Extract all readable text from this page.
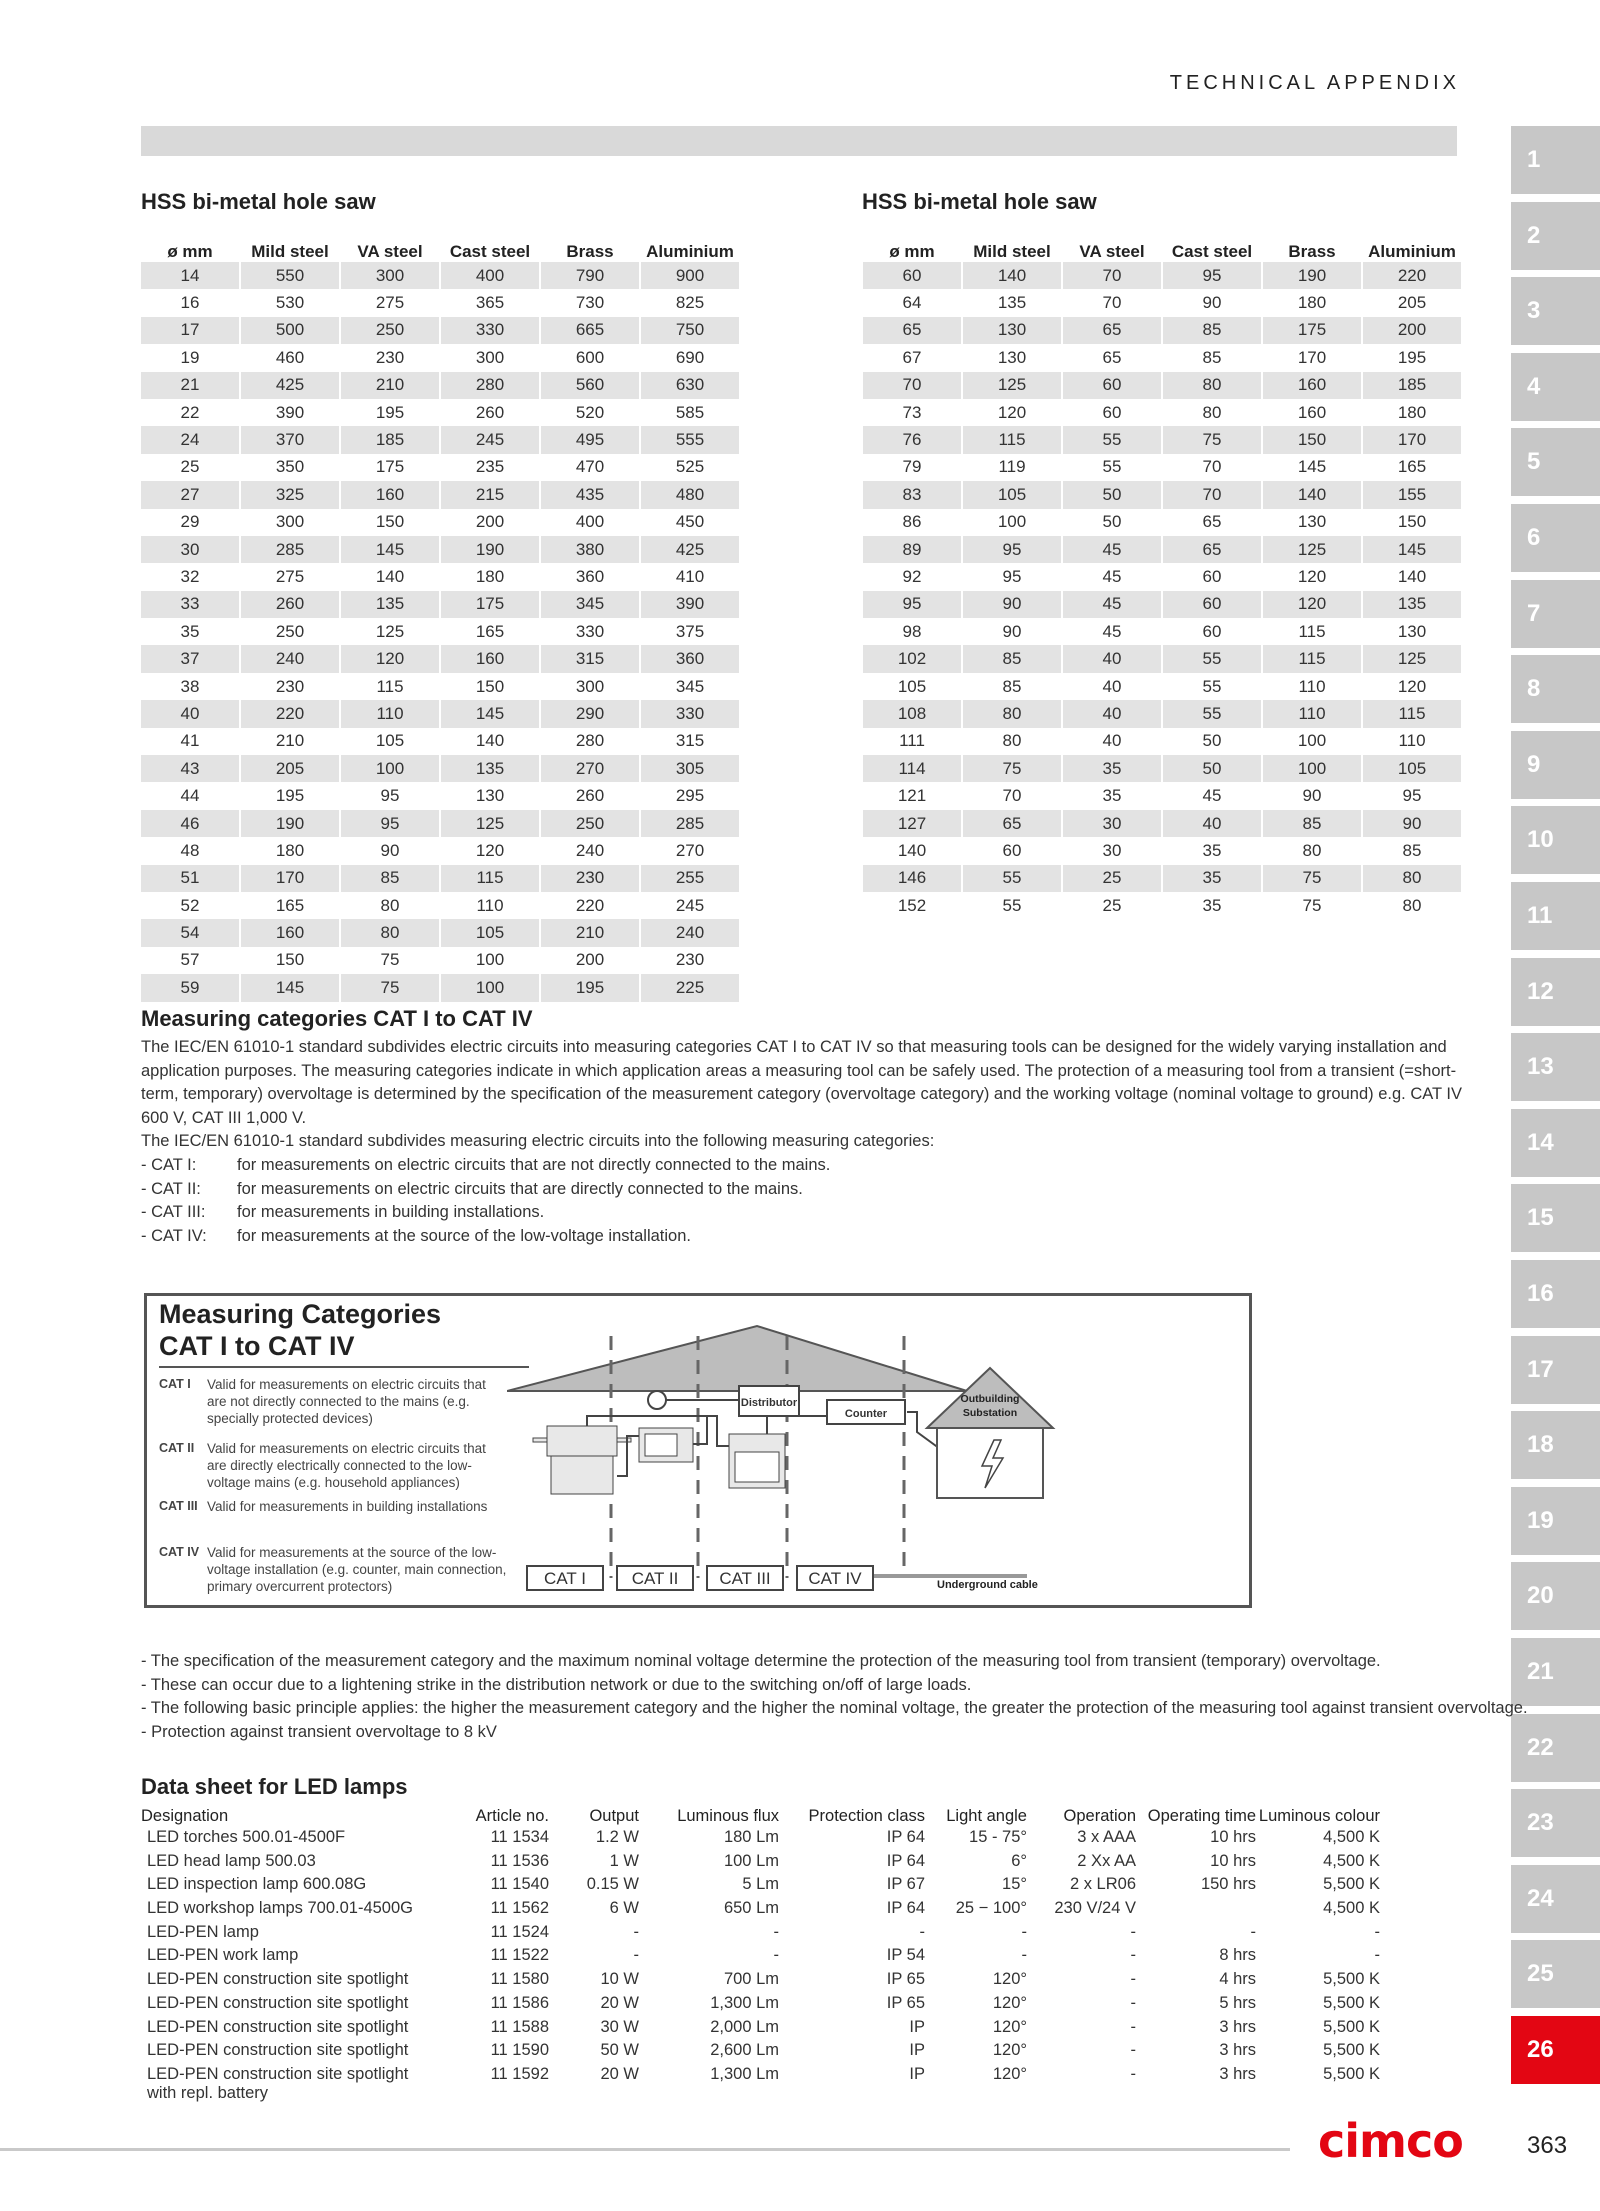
TECHNICAL APPENDIX
1
2
3
4
5
6
7
8
9
10
11
12
13
14
15
16
17
18
19
20
21
22
23
24
25
26
HSS bi-metal hole saw
ø mm	Mild steel	VA steel	Cast steel	Brass	Aluminium
14	550	300	400	790	900
16	530	275	365	730	825
17	500	250	330	665	750
19	460	230	300	600	690
21	425	210	280	560	630
22	390	195	260	520	585
24	370	185	245	495	555
25	350	175	235	470	525
27	325	160	215	435	480
29	300	150	200	400	450
30	285	145	190	380	425
32	275	140	180	360	410
33	260	135	175	345	390
35	250	125	165	330	375
37	240	120	160	315	360
38	230	115	150	300	345
40	220	110	145	290	330
41	210	105	140	280	315
43	205	100	135	270	305
44	195	95	130	260	295
46	190	95	125	250	285
48	180	90	120	240	270
51	170	85	115	230	255
52	165	80	110	220	245
54	160	80	105	210	240
57	150	75	100	200	230
59	145	75	100	195	225
HSS bi-metal hole saw
ø mm	Mild steel	VA steel	Cast steel	Brass	Aluminium
60	140	70	95	190	220
64	135	70	90	180	205
65	130	65	85	175	200
67	130	65	85	170	195
70	125	60	80	160	185
73	120	60	80	160	180
76	115	55	75	150	170
79	119	55	70	145	165
83	105	50	70	140	155
86	100	50	65	130	150
89	95	45	65	125	145
92	95	45	60	120	140
95	90	45	60	120	135
98	90	45	60	115	130
102	85	40	55	115	125
105	85	40	55	110	120
108	80	40	55	110	115
111	80	40	50	100	110
114	75	35	50	100	105
121	70	35	45	90	95
127	65	30	40	85	90
140	60	30	35	80	85
146	55	25	35	75	80
152	55	25	35	75	80
Measuring categories CAT I to CAT IV
The IEC/EN 61010-1 standard subdivides electric circuits into measuring categories CAT I to CAT IV so that measuring tools can be designed for the widely varying installation and application purposes. The measuring categories indicate in which application areas a measuring tool can be safely used. The protection of a measuring tool from a transient (=short-term, temporary) overvoltage is determined by the specification of the measurement category (overvoltage category) and the working voltage (nominal voltage to ground) e.g. CAT IV 600 V, CAT III 1,000 V.
The IEC/EN 61010-1 standard subdivides measuring electric circuits into the following measuring categories:
- CAT I:	for measurements on electric circuits that are not directly connected to the mains.
- CAT II:	for measurements on electric circuits that are directly connected to the mains.
- CAT III:	for measurements in building installations.
- CAT IV:	for measurements at the source of the low-voltage installation.
Measuring Categories
CAT I to CAT IV
CAT I	Valid for measurements on electric circuits that are not directly connected to the mains (e.g. specially protected devices)
CAT II Valid for measurements on electric circuits that are directly electrically connected to the low-voltage mains (e.g. household appliances)
CAT III Valid for measurements in building installations
CAT IV Valid for measurements at the source of the low-voltage installation (e.g. counter, main connection, primary overcurrent protectors)
Distributor
Counter
Outbuilding
Substation
CAT I	CAT II CAT III CAT IV	Underground cable
- The specification of the measurement category and the maximum nominal voltage determine the protection of the measuring tool from transient (temporary) overvoltage.
- These can occur due to a lightening strike in the distribution network or due to the switching on/off of large loads.
- The following basic principle applies: the higher the measurement category and the higher the nominal voltage, the greater the protection of the measuring tool against transient overvoltage.
- Protection against transient overvoltage to 8 kV
Data sheet for LED lamps
Designation	Article no.	Output	Luminous flux	Protection class	Light angle	Operation	Operating time	Luminous colour
LED torches 500.01-4500F	11 1534	1.2 W	180 Lm	IP 64	15 - 75°	3 x AAA	10 hrs	4,500 K
LED head lamp 500.03	11 1536	1 W	100 Lm	IP 64	6°	2 Xx AA	10 hrs	4,500 K
LED inspection lamp 600.08G	11 1540	0.15 W	5 Lm	IP 67	15°	2 x LR06	150 hrs	5,500 K
LED workshop lamps 700.01-4500G	11 1562	6 W	650 Lm	IP 64	25 − 100°	230 V/24 V		4,500 K
LED-PEN lamp	11 1524	-	-	-	-	-	-	-
LED-PEN work lamp	11 1522	-	-	IP 54	-	-	8 hrs	-
LED-PEN construction site spotlight	11 1580	10 W	700 Lm	IP 65	120°	-	4 hrs	5,500 K
LED-PEN construction site spotlight	11 1586	20 W	1,300 Lm	IP 65	120°	-	5 hrs	5,500 K
LED-PEN construction site spotlight	11 1588	30 W	2,000 Lm	IP	120°	-	3 hrs	5,500 K
LED-PEN construction site spotlight	11 1590	50 W	2,600 Lm	IP	120°	-	3 hrs	5,500 K

LED-PEN construction site spotlight
with repl. battery	11 1592	20 W	1,300 Lm	IP	120°	-	3 hrs	5,500 K
cimco	363
